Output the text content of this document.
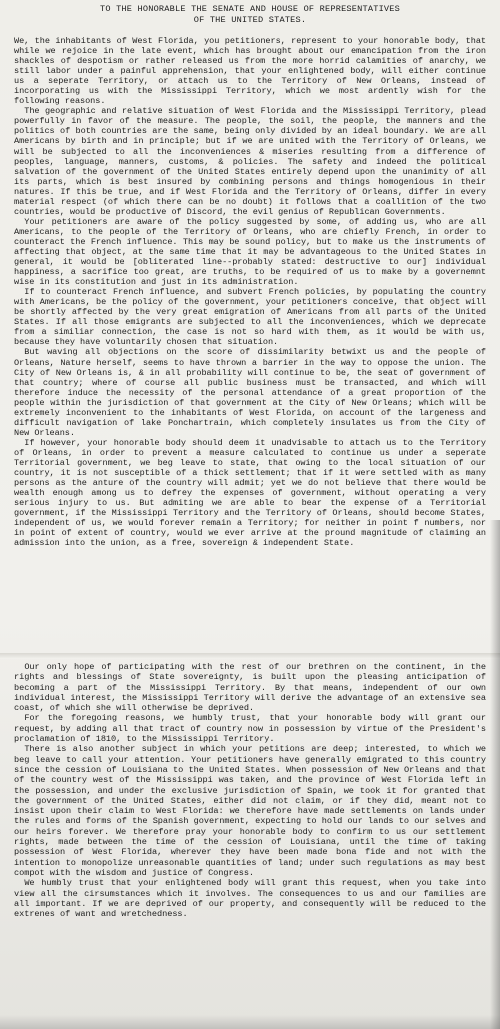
TO THE HONORABLE THE SENATE AND HOUSE OF REPRESENTATIVES
OF THE UNITED STATES.

We, the inhabitants of West Florida, you petitioners, represent to your honorable body, that while we rejoice in the late event, which has brought about our emancipation from the iron shackles of despotism or rather released us from the more horrid calamities of anarchy, we still labor under a painful apprehension, that your enlightened body, will either continue us a seperate Territory, or attach us to the Territory of New Orleans, instead of incorporating us with the Mississippi Territory, which we most ardently wish for the following reasons.

The geographic and relative situation of West Florida and the Mississippi Territory, plead powerfully in favor of the measure. The people, the soil, the people, the manners and the politics of both countries are the same, being only divided by an ideal boundary. We are all Americans by birth and in principle; but if we are united with the Territory of Orleans, we will be subjected to all the inconveniences & miseries resulting from a difference of peoples, language, manners, customs, & policies. The safety and indeed the political salvation of the government of the United States entirely depend upon the unanimity of all its parts, which is best insured by combining persons and things homogenious in their natures. If this be true, and if West Florida and the Territory of Orleans, differ in every material respect (of which there can be no doubt) it follows that a coallition of the two countries, would be productive of Discord, the evil genius of Republican Governments.

Your petitioners are aware of the policy suggested by some, of adding us, who are all Americans, to the people of the Territory of Orleans, who are chiefly French, in order to counteract the French influence. This may be sound policy, but to make us the instruments of affecting that object, at the same time that it may be advantageous to the United States in general, it would be [obliterated line--probably stated: destructive to our] individual happiness, a sacrifice too great, are truths, to be required of us to make by a governemnt wise in its constitution and just in its administration.

If to counteract French influence, and subvert French policies, by populating the country with Americans, be the policy of the government, your petitioners conceive, that object will be shortly affected by the very great emigration of Americans from all parts of the United States. If all those emigrants are subjected to all the inconveniences, which we deprecate from a similiar connection, the case is not so hard with them, as it would be with us, because they have voluntarily chosen that situation.

But waving all objections on the score of dissimilarity betwixt us and the people of Orleans, Nature herself, seems to have thrown a barrier in the way to oppose the union. The City of New Orleans is, & in all probability will continue to be, the seat of government of that country; where of course all public business must be transacted, and which will therefore induce the necessity of the personal attendance of a great proportion of the people within the jurisdiction of that government at the City of New Orleans; which will be extremely inconvenient to the inhabitants of West Florida, on account of the largeness and difficult navigation of lake Ponchartrain, which completely insulates us from the City of New Orleans.

If however, your honorable body should deem it unadvisable to attach us to the Territory of Orleans, in order to prevent a measure calculated to continue us under a seperate Territorial government, we beg leave to state, that owing to the local situation of our country, it is not susceptible of a thick settlement; that if it were settled with as many persons as the anture of the country will admit; yet we do not believe that there would be wealth enough among us to defrey the expenses of government, without operating a very serious injury to us. But admiting we are able to bear the expense of a Territorial government, if the Mississippi Territory and the Territory of Orleans, should become States, independent of us, we would forever remain a Territory; for neither in point f numbers, nor in point of extent of country, would we ever arrive at the pround magnitude of claiming an admission into the union, as a free, sovereign & independent State.

Our only hope of participating with the rest of our brethren on the continent, in the rights and blessings of State sovereignty, is built upon the pleasing anticipation of becoming a part of the Mississippi Territory. By that means, independent of our own individual interest, the Mississippi Territory will derive the advantage of an extensive sea coast, of which she will otherwise be deprived.

For the foregoing reasons, we humbly trust, that your honorable body will grant our request, by adding all that tract of country now in possession by virtue of the President's proclamation of 1810, to the Mississippi Territory.

There is also another subject in which your petitions are deep; interested, to which we beg leave to call your attention. Your petitioners have generally emigrated to this country since the cession of Louisiana to the United States. When possession of New Orleans and that of the country west of the Mississippi was taken, and the province of West Florida left in the possession, and under the exclusive jurisdiction of Spain, we took it for granted that the government of the United States, either did not claim, or if they did, meant not to insist upon their claim to West Florida: we therefore have made settlements on lands under the rules and forms of the Spanish government, expecting to hold our lands to our selves and our heirs forever. We therefore pray your honorable body to confirm to us our settlement rights, made between the time of the cession of Louisiana, until the time of taking possession of West Florida, wherever they have been made bona fide and not with the intention to monopolize unreasonable quantities of land; under such regulations as may best compot with the wisdom and justice of Congress.

We humbly trust that your enlightened body will grant this request, when you take into view all the cirsumstances which it involves. The consequences to us and our families are all important. If we are deprived of our property, and consequently will be reduced to the extrenes of want and wretchedness.
